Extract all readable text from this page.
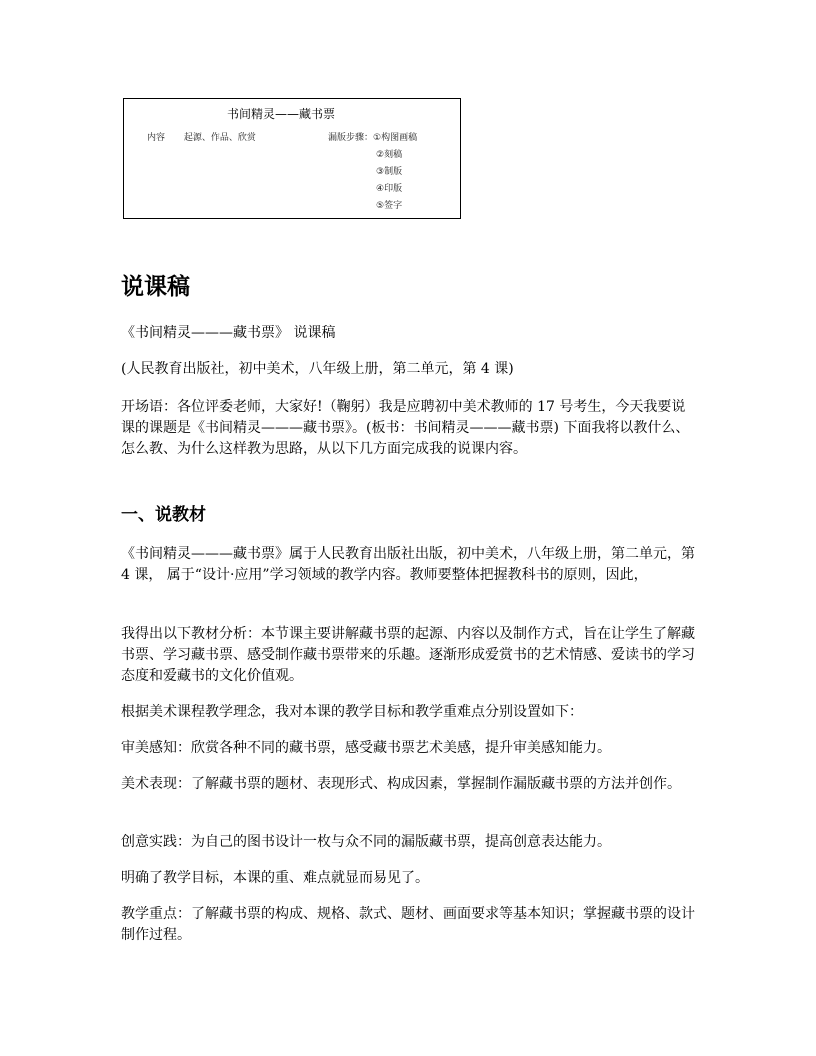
书间精灵——藏书票
内容 起源、作品、欣赏	漏版步骤：①构图画稿
②刻稿
③制版
④印版
⑤签字
说课稿

《书间精灵———藏书票》 说课稿

(人民教育出版社，初中美术，八年级上册，第二单元，第 4 课)

开场语：各位评委老师，大家好!（鞠躬）我是应聘初中美术教师的 17 号考生，今天我要说课的课题是《书间精灵———藏书票》。(板书：书间精灵———藏书票) 下面我将以教什么、 怎么教、为什么这样教为思路，从以下几方面完成我的说课内容。

一、说教材

《书间精灵———藏书票》属于人民教育出版社出版，初中美术，八年级上册，第二单元，第 4 课， 属于“设计·应用”学习领域的教学内容。教师要整体把握教科书的原则，因此，

我得出以下教材分析：本节课主要讲解藏书票的起源、内容以及制作方式，旨在让学生了解藏书票、学习藏书票、感受制作藏书票带来的乐趣。逐渐形成爱赏书的艺术情感、爱读书的学习态度和爱藏书的文化价值观。

根据美术课程教学理念，我对本课的教学目标和教学重难点分别设置如下：

审美感知：欣赏各种不同的藏书票，感受藏书票艺术美感，提升审美感知能力。

美术表现：了解藏书票的题材、表现形式、构成因素，掌握制作漏版藏书票的方法并创作。

创意实践：为自己的图书设计一枚与众不同的漏版藏书票，提高创意表达能力。

明确了教学目标，本课的重、难点就显而易见了。

教学重点：了解藏书票的构成、规格、款式、题材、画面要求等基本知识；掌握藏书票的设计制作过程。
